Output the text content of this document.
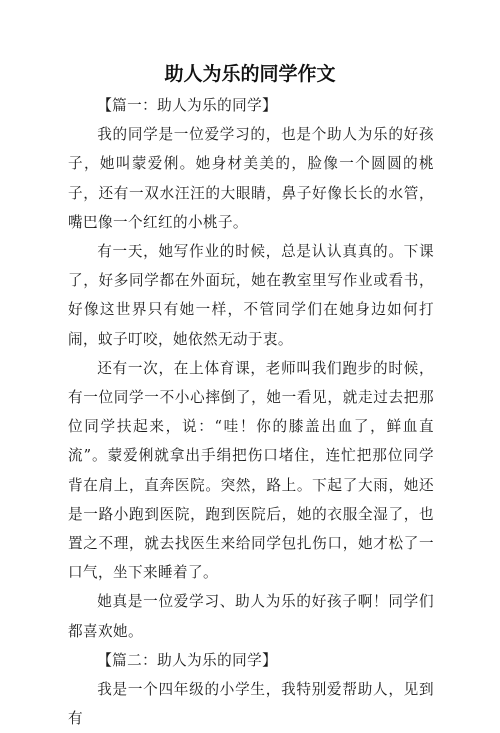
助人为乐的同学作文

【篇一：助人为乐的同学】

我的同学是一位爱学习的，也是个助人为乐的好孩子，她叫蒙爱俐。她身材美美的，脸像一个圆圆的桃子，还有一双水汪汪的大眼睛，鼻子好像长长的水管，嘴巴像一个红红的小桃子。

有一天，她写作业的时候，总是认认真真的。下课了，好多同学都在外面玩，她在教室里写作业或看书，好像这世界只有她一样，不管同学们在她身边如何打闹，蚊子叮咬，她依然无动于衷。

还有一次，在上体育课，老师叫我们跑步的时候，有一位同学一不小心摔倒了，她一看见，就走过去把那位同学扶起来，说：“哇！你的膝盖出血了，鲜血直流”。蒙爱俐就拿出手绢把伤口堵住，连忙把那位同学背在肩上，直奔医院。突然，路上。下起了大雨，她还是一路小跑到医院，跑到医院后，她的衣服全湿了，也置之不理，就去找医生来给同学包扎伤口，她才松了一口气，坐下来睡着了。

她真是一位爱学习、助人为乐的好孩子啊！同学们都喜欢她。

【篇二：助人为乐的同学】

我是一个四年级的小学生，我特别爱帮助人，见到有
